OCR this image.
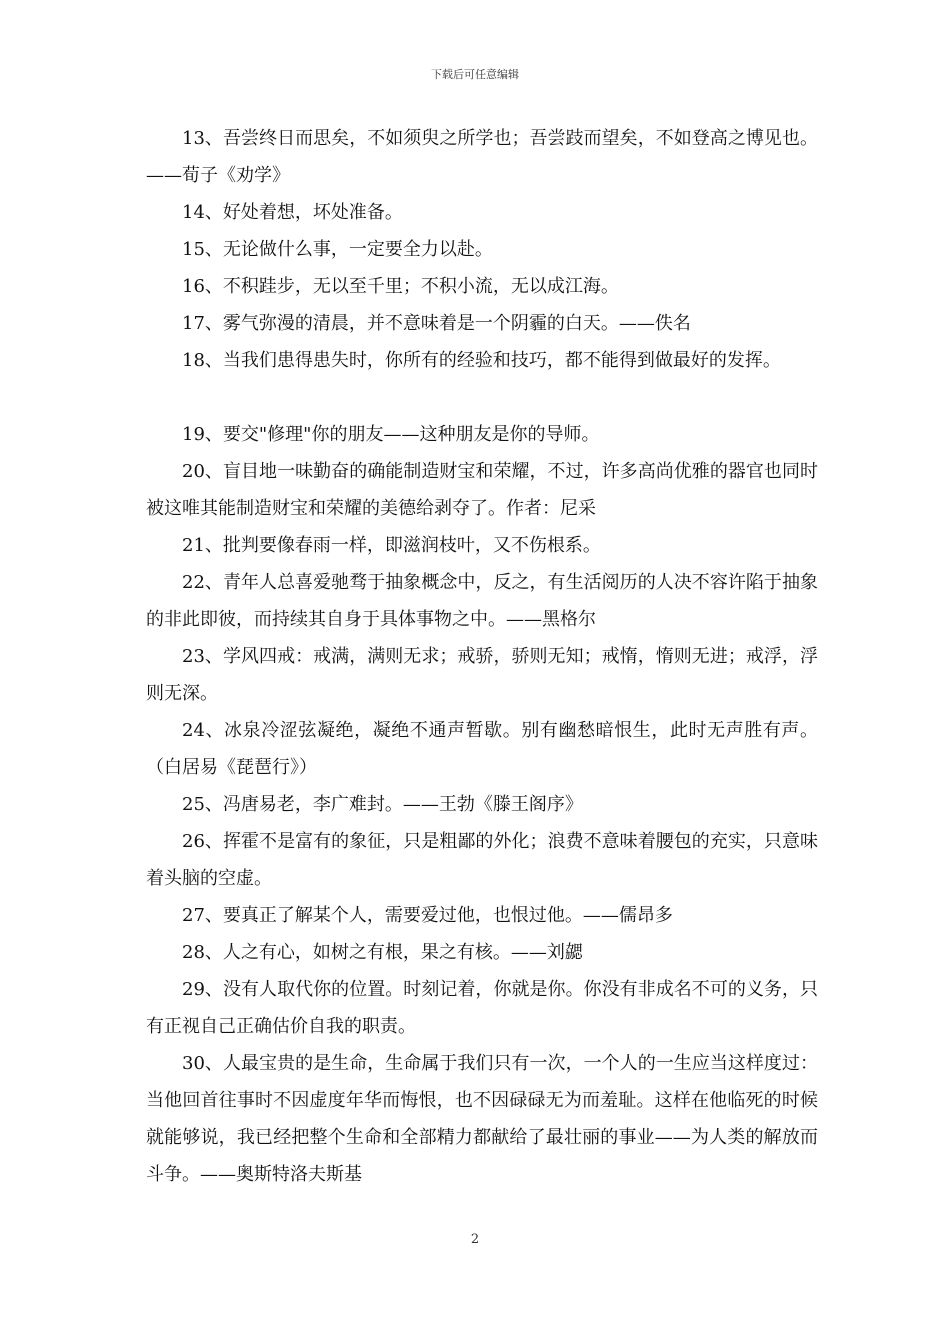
下载后可任意编辑

13、吾尝终日而思矣，不如须臾之所学也；吾尝跂而望矣，不如登高之博见也。——荀子《劝学》

14、好处着想，坏处准备。

15、无论做什么事，一定要全力以赴。

16、不积跬步，无以至千里；不积小流，无以成江海。

17、雾气弥漫的清晨，并不意味着是一个阴霾的白天。——佚名

18、当我们患得患失时，你所有的经验和技巧，都不能得到做最好的发挥。

19、要交"修理"你的朋友——这种朋友是你的导师。

20、盲目地一味勤奋的确能制造财宝和荣耀，不过，许多高尚优雅的器官也同时被这唯其能制造财宝和荣耀的美德给剥夺了。作者：尼采

21、批判要像春雨一样，即滋润枝叶，又不伤根系。

22、青年人总喜爱驰骛于抽象概念中，反之，有生活阅历的人决不容许陷于抽象的非此即彼，而持续其自身于具体事物之中。——黑格尔

23、学风四戒：戒满，满则无求；戒骄，骄则无知；戒惰，惰则无进；戒浮，浮则无深。

24、冰泉冷涩弦凝绝，凝绝不通声暂歇。别有幽愁暗恨生，此时无声胜有声。（白居易《琵琶行》）

25、冯唐易老，李广难封。——王勃《滕王阁序》

26、挥霍不是富有的象征，只是粗鄙的外化；浪费不意味着腰包的充实，只意味着头脑的空虚。

27、要真正了解某个人，需要爱过他，也恨过他。——儒昂多

28、人之有心，如树之有根，果之有核。——刘勰

29、没有人取代你的位置。时刻记着，你就是你。你没有非成名不可的义务，只有正视自己正确估价自我的职责。

30、人最宝贵的是生命，生命属于我们只有一次，一个人的一生应当这样度过：当他回首往事时不因虚度年华而悔恨，也不因碌碌无为而羞耻。这样在他临死的时候就能够说，我已经把整个生命和全部精力都献给了最壮丽的事业——为人类的解放而斗争。——奥斯特洛夫斯基

2
